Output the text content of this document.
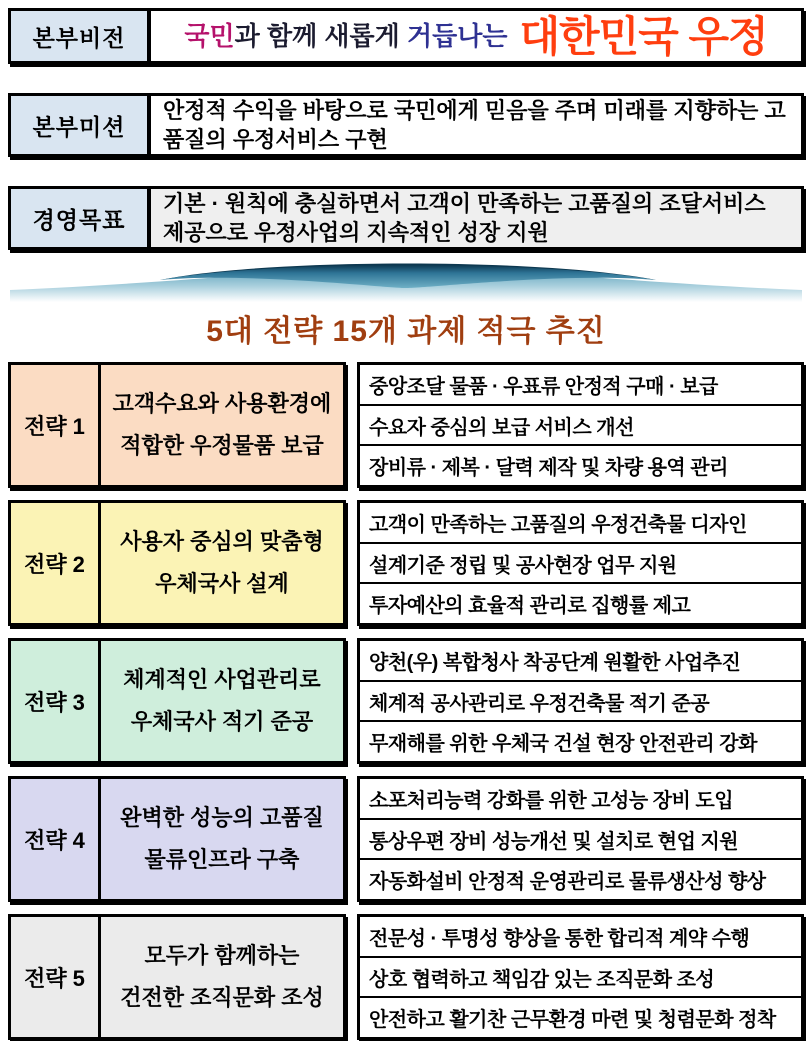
본부비전	국민 과 함께 새롭게 거듭나는 대한민국 우정
본부미션
안정적 수익을 바탕으로 국민에게 믿음을 주며 미래를 지향하는 고품질의 우정서비스 구현
경영목표
기본 · 원칙에 충실하면서 고객이 만족하는 고품질의 조달서비스 제공으로 우정사업의 지속적인 성장 지원
5대 전략 15개 과제 적극 추진
전략 1
고객수요와 사용환경에
적합한 우정물품 보급
중앙조달 물품 · 우표류 안정적 구매 · 보급
수요자 중심의 보급 서비스 개선
장비류 · 제복 · 달력 제작 및 차량 용역 관리
전략 2
사용자 중심의 맞춤형
우체국사 설계
고객이 만족하는 고품질의 우정건축물 디자인
설계기준 정립 및 공사현장 업무 지원
투자예산의 효율적 관리로 집행률 제고
전략 3
체계적인 사업관리로
우체국사 적기 준공
양천(우) 복합청사 착공단계 원활한 사업추진
체계적 공사관리로 우정건축물 적기 준공
무재해를 위한 우체국 건설 현장 안전관리 강화
전략 4
완벽한 성능의 고품질
물류인프라 구축
소포처리능력 강화를 위한 고성능 장비 도입
통상우편 장비 성능개선 및 설치로 현업 지원
자동화설비 안정적 운영관리로 물류생산성 향상
전략 5
모두가 함께하는
건전한 조직문화 조성
전문성 · 투명성 향상을 통한 합리적 계약 수행
상호 협력하고 책임감 있는 조직문화 조성
안전하고 활기찬 근무환경 마련 및 청렴문화 정착
